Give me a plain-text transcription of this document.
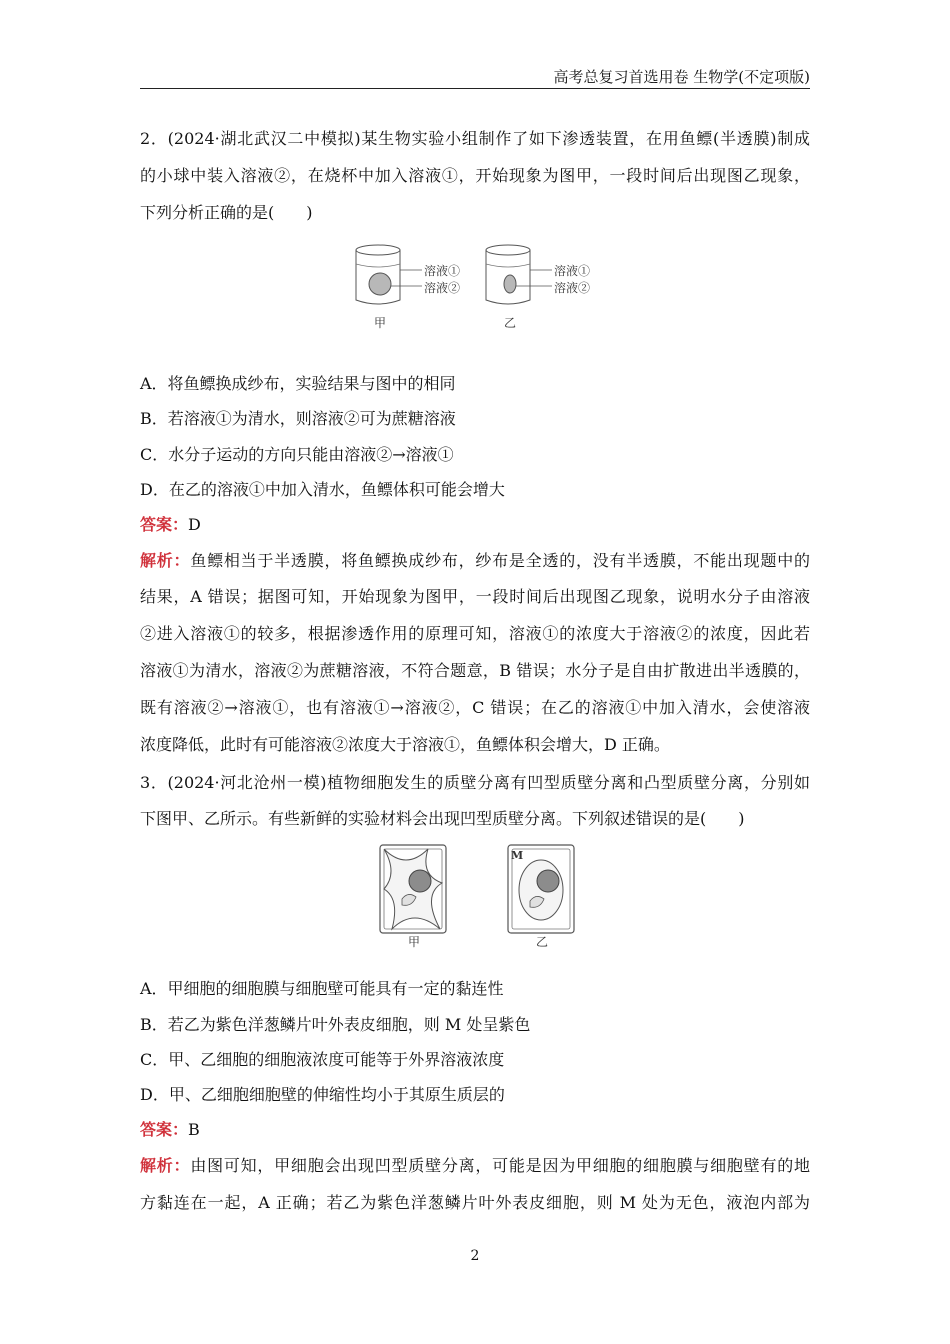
高考总复习首选用卷 生物学(不定项版)
2．(2024·湖北武汉二中模拟)某生物实验小组制作了如下渗透装置，在用鱼鳔(半透膜)制成
的小球中装入溶液②，在烧杯中加入溶液①，开始现象为图甲，一段时间后出现图乙现象，
下列分析正确的是(　　)
溶液①
溶液②
甲
溶液①
溶液②
乙
A．将鱼鳔换成纱布，实验结果与图中的相同
B．若溶液①为清水，则溶液②可为蔗糖溶液
C．水分子运动的方向只能由溶液②→溶液①
D．在乙的溶液①中加入清水，鱼鳔体积可能会增大
答案：D
解析：鱼鳔相当于半透膜，将鱼鳔换成纱布，纱布是全透的，没有半透膜，不能出现题中的
结果，A 错误；据图可知，开始现象为图甲，一段时间后出现图乙现象，说明水分子由溶液
②进入溶液①的较多，根据渗透作用的原理可知，溶液①的浓度大于溶液②的浓度，因此若
溶液①为清水，溶液②为蔗糖溶液，不符合题意，B 错误；水分子是自由扩散进出半透膜的，
既有溶液②→溶液①，也有溶液①→溶液②，C 错误；在乙的溶液①中加入清水，会使溶液
浓度降低，此时有可能溶液②浓度大于溶液①，鱼鳔体积会增大，D 正确。
3．(2024·河北沧州一模)植物细胞发生的质壁分离有凹型质壁分离和凸型质壁分离，分别如
下图甲、乙所示。有些新鲜的实验材料会出现凹型质壁分离。下列叙述错误的是(　　)
M
甲	乙
A．甲细胞的细胞膜与细胞壁可能具有一定的黏连性
B．若乙为紫色洋葱鳞片叶外表皮细胞，则 M 处呈紫色
C．甲、乙细胞的细胞液浓度可能等于外界溶液浓度
D．甲、乙细胞细胞壁的伸缩性均小于其原生质层的
答案：B
解析：由图可知，甲细胞会出现凹型质壁分离，可能是因为甲细胞的细胞膜与细胞壁有的地
方黏连在一起，A 正确；若乙为紫色洋葱鳞片叶外表皮细胞，则 M 处为无色，液泡内部为
2
